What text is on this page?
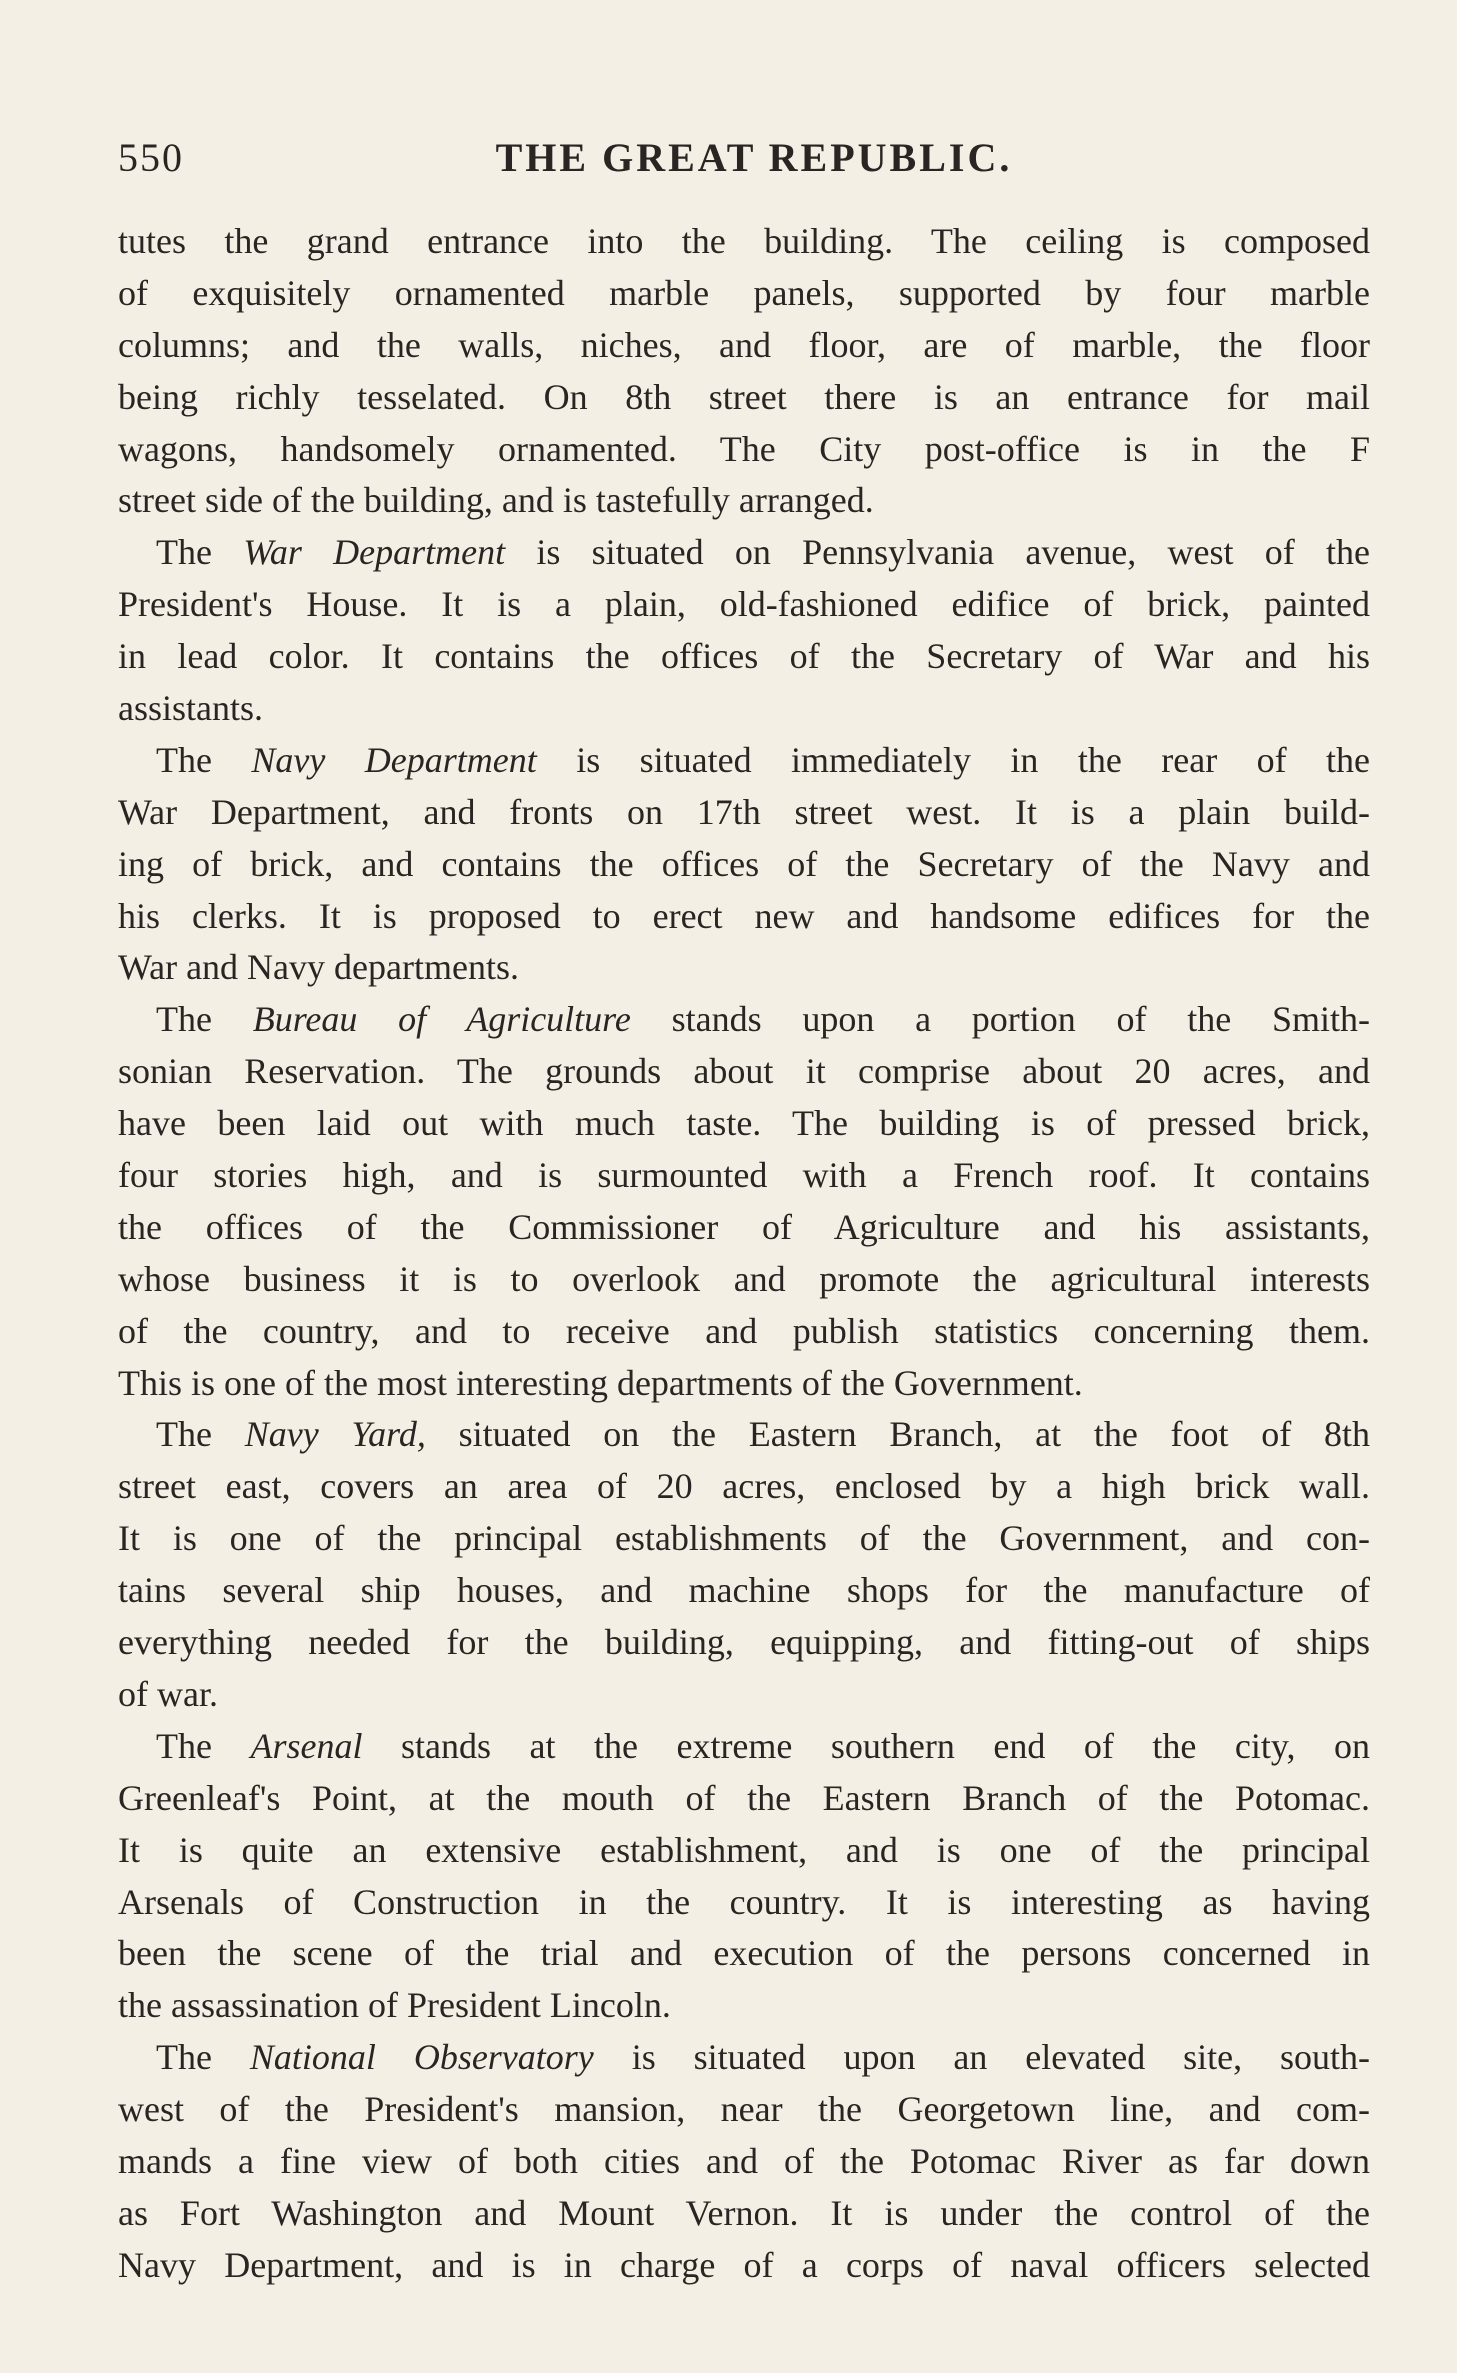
550	THE GREAT REPUBLIC.
tutes the grand entrance into the building. The ceiling is composed
of exquisitely ornamented marble panels, supported by four marble
columns; and the walls, niches, and floor, are of marble, the floor
being richly tesselated. On 8th street there is an entrance for mail
wagons, handsomely ornamented. The City post-office is in the F
street side of the building, and is tastefully arranged.
The War Department is situated on Pennsylvania avenue, west of the
President's House. It is a plain, old-fashioned edifice of brick, painted
in lead color. It contains the offices of the Secretary of War and his
assistants.
The Navy Department is situated immediately in the rear of the
War Department, and fronts on 17th street west. It is a plain build-
ing of brick, and contains the offices of the Secretary of the Navy and
his clerks. It is proposed to erect new and handsome edifices for the
War and Navy departments.
The Bureau of Agriculture stands upon a portion of the Smith-
sonian Reservation. The grounds about it comprise about 20 acres, and
have been laid out with much taste. The building is of pressed brick,
four stories high, and is surmounted with a French roof. It contains
the offices of the Commissioner of Agriculture and his assistants,
whose business it is to overlook and promote the agricultural interests
of the country, and to receive and publish statistics concerning them.
This is one of the most interesting departments of the Government.
The Navy Yard, situated on the Eastern Branch, at the foot of 8th
street east, covers an area of 20 acres, enclosed by a high brick wall.
It is one of the principal establishments of the Government, and con-
tains several ship houses, and machine shops for the manufacture of
everything needed for the building, equipping, and fitting-out of ships
of war.
The Arsenal stands at the extreme southern end of the city, on
Greenleaf's Point, at the mouth of the Eastern Branch of the Potomac.
It is quite an extensive establishment, and is one of the principal
Arsenals of Construction in the country. It is interesting as having
been the scene of the trial and execution of the persons concerned in
the assassination of President Lincoln.
The National Observatory is situated upon an elevated site, south-
west of the President's mansion, near the Georgetown line, and com-
mands a fine view of both cities and of the Potomac River as far down
as Fort Washington and Mount Vernon. It is under the control of the
Navy Department, and is in charge of a corps of naval officers selected
